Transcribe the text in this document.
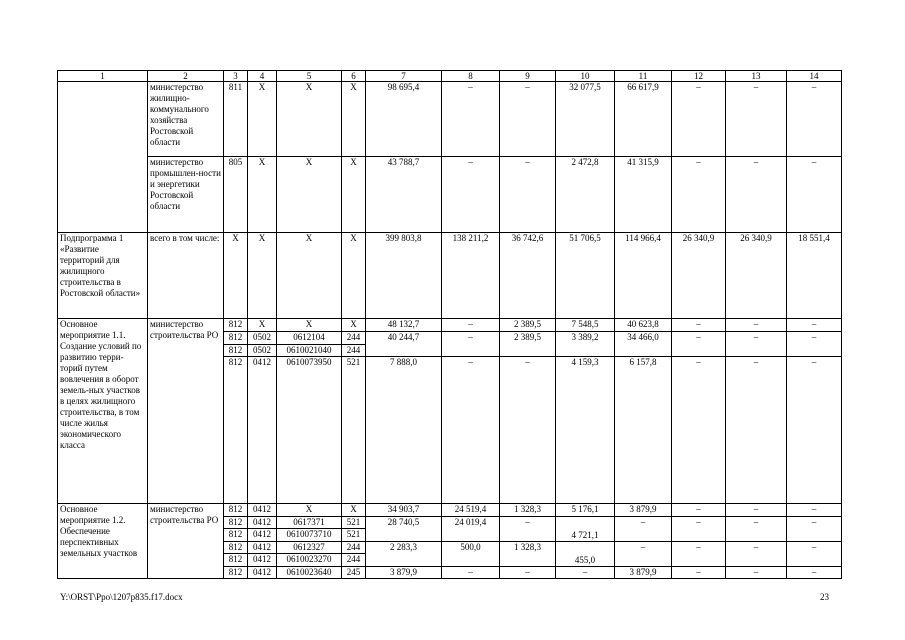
1	2	3	4	5	6	7	8	9	10	11	12	13	14
	министерство жилищно-коммунального хозяйства Ростовской области	811	X	X	X	98 695,4	–	–	32 077,5	66 617,9	–	–	–
	министерство промышлен-ности и энергетики Ростовской области	805	X	X	X	43 788,7	–	–	2 472,8	41 315,9	–	–	–
Подпрограмма 1 «Развитие территорий для жилищного строительства в Ростовской области»	всего в том числе:	X	X	X	X	399 803,8	138 211,2	36 742,6	51 706,5	114 966,4	26 340,9	26 340,9	18 551,4
Основное мероприятие 1.1. Создание условий по развитию терри-торий путем вовлечения в оборот земель-ных участков в целях жилищного строительства, в том числе жилья экономического класса	министерство строительства РО	812	X	X	X	48 132,7	–	2 389,5	7 548,5	40 623,8	–	–	–
		812	0502	0612104	244	40 244,7	–	2 389,5	3 389,2	34 466,0	–	–	–
		812	0502	0610021040	244								
		812	0412	0610073950	521	7 888,0	–	–	4 159,3	6 157,8	–	–	–
Основное мероприятие 1.2. Обеспечение перспективных земельных участков	министерство строительства РО	812	0412	X	X	34 903,7	24 519,4	1 328,3	5 176,1	3 879,9	–	–	–
		812	0412	0617371	521	28 740,5	24 019,4	–	4 721,1	–	–	–	–
		812	0412	0610073710	521								
		812	0412	0612327	244	2 283,3	500,0	1 328,3	455,0	–	–	–	–
		812	0412	0610023270	244								
		812	0412	0610023640	245	3 879,9	–	–	–	3 879,9	–	–	–
Y:\ORST\Ppo\1207p835.f17.docx	23
